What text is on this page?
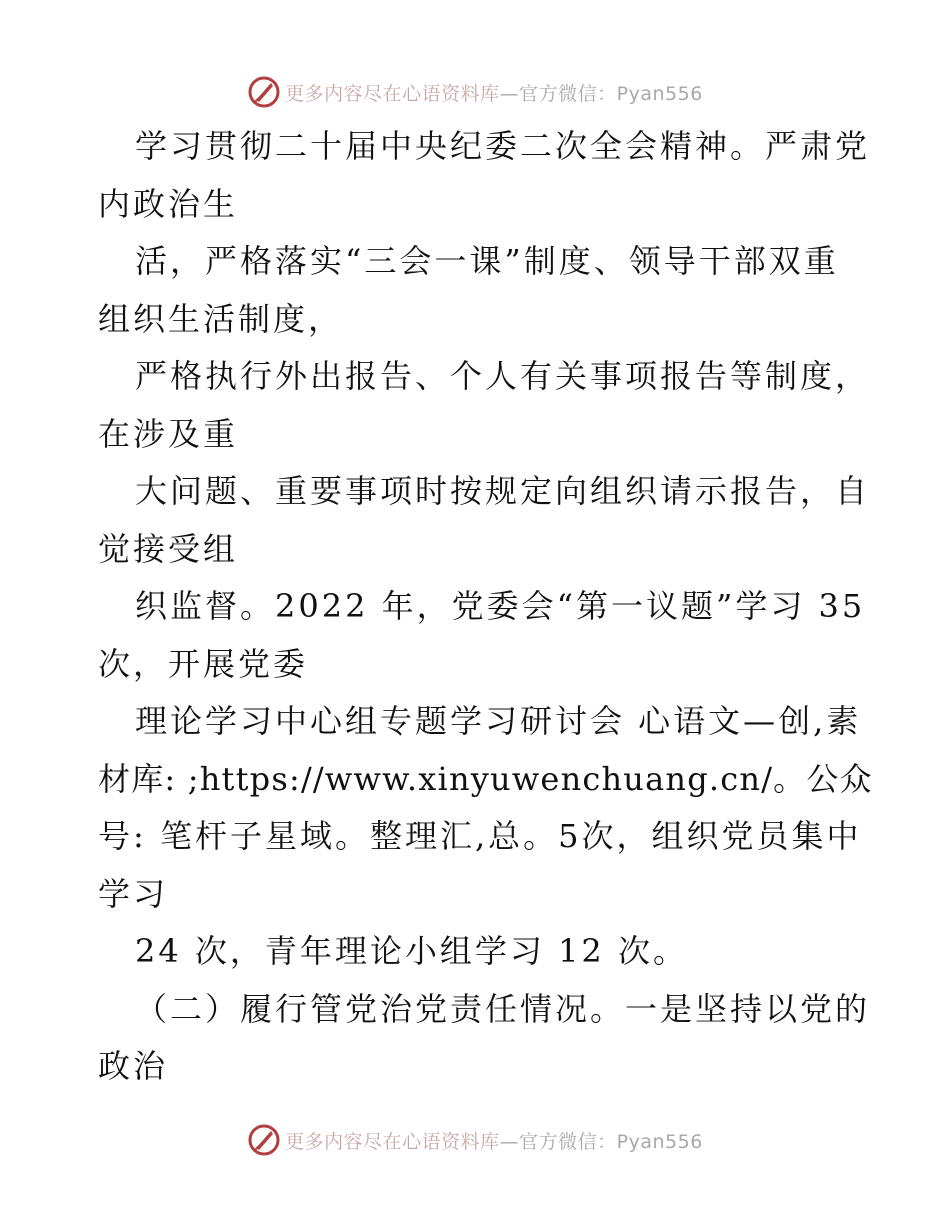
更多内容尽在心语资料库—官方微信：Pyan556
学习贯彻二十届中央纪委二次全会精神。严肃党
内政治生
活，严格落实“三会一课”制度、领导干部双重
组织生活制度，
严格执行外出报告、个人有关事项报告等制度，
在涉及重
大问题、重要事项时按规定向组织请示报告，自
觉接受组
织监督。2022 年，党委会“第一议题”学习 35
次，开展党委
理论学习中心组专题学习研讨会 心语文—创,素
材库: ;https://www.xinyuwenchuang.cn/。公众
号: 笔杆子星域。整理汇,总。5次，组织党员集中
学习
24 次，青年理论小组学习 12 次。
（二）履行管党治党责任情况。一是坚持以党的
政治
更多内容尽在心语资料库—官方微信：Pyan556
